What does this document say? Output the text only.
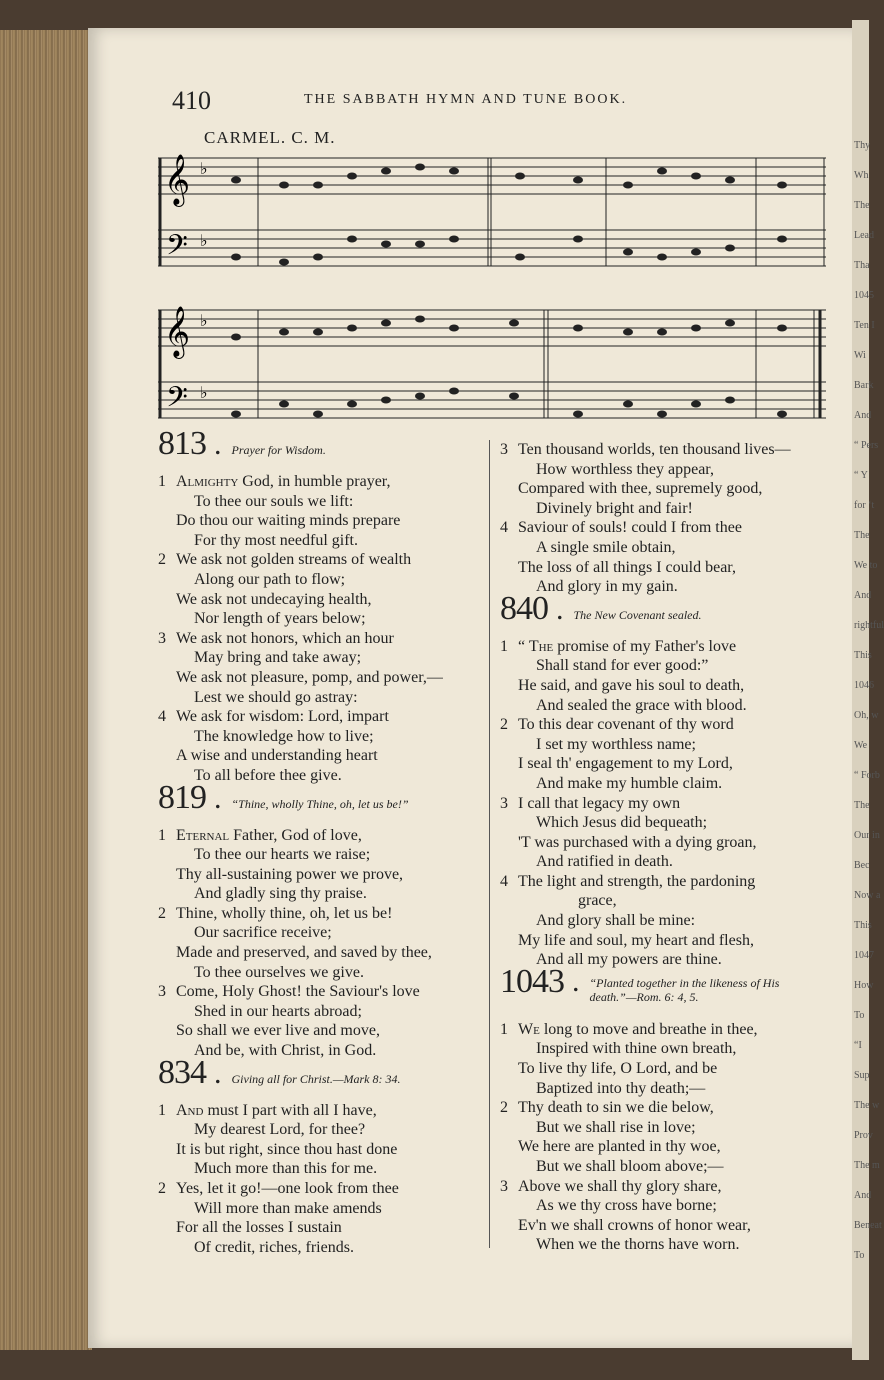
Thy
Wh
The
Lead
Tha
1045
Ten I
Wi
Bark
And
“ Pers
“ Y
for ‘t
The
We to
And
rightful
This
1046
Oh, w
We
“ Forb
The
Our in
Bec
Now a
This
1047
How
To
“I
Sup
The w
Prov
The m
And
Beneat
To
410	THE SABBATH HYMN AND TUNE BOOK.
CARMEL. C. M.
𝄞
𝄢
♭
♭
𝄞
𝄢
♭
♭
813 . Prayer for Wisdom.
1 Almighty God, in humble prayer,
To thee our souls we lift:
Do thou our waiting minds prepare
For thy most needful gift.
2 We ask not golden streams of wealth
Along our path to flow;
We ask not undecaying health,
Nor length of years below;
3 We ask not honors, which an hour
May bring and take away;
We ask not pleasure, pomp, and power,—
Lest we should go astray:
4 We ask for wisdom: Lord, impart
The knowledge how to live;
A wise and understanding heart
To all before thee give.
819 . “Thine, wholly Thine, oh, let us be!”
1 Eternal Father, God of love,
To thee our hearts we raise;
Thy all-sustaining power we prove,
And gladly sing thy praise.
2 Thine, wholly thine, oh, let us be!
Our sacrifice receive;
Made and preserved, and saved by thee,
To thee ourselves we give.
3 Come, Holy Ghost! the Saviour's love
Shed in our hearts abroad;
So shall we ever live and move,
And be, with Christ, in God.
834 . Giving all for Christ.—Mark 8: 34.
1 And must I part with all I have,
My dearest Lord, for thee?
It is but right, since thou hast done
Much more than this for me.
2 Yes, let it go!—one look from thee
Will more than make amends
For all the losses I sustain
Of credit, riches, friends.
3 Ten thousand worlds, ten thousand lives—
How worthless they appear,
Compared with thee, supremely good,
Divinely bright and fair!
4 Saviour of souls! could I from thee
A single smile obtain,
The loss of all things I could bear,
And glory in my gain.
840 . The New Covenant sealed.
1 “ The promise of my Father's love
Shall stand for ever good:”
He said, and gave his soul to death,
And sealed the grace with blood.
2 To this dear covenant of thy word
I set my worthless name;
I seal th' engagement to my Lord,
And make my humble claim.
3 I call that legacy my own
Which Jesus did bequeath;
'T was purchased with a dying groan,
And ratified in death.
4 The light and strength, the pardoning
grace,
And glory shall be mine:
My life and soul, my heart and flesh,
And all my powers are thine.
1043 . “Planted together in the likeness of His death.”—Rom. 6: 4, 5.
1 We long to move and breathe in thee,
Inspired with thine own breath,
To live thy life, O Lord, and be
Baptized into thy death;—
2 Thy death to sin we die below,
But we shall rise in love;
We here are planted in thy woe,
But we shall bloom above;—
3 Above we shall thy glory share,
As we thy cross have borne;
Ev'n we shall crowns of honor wear,
When we the thorns have worn.
